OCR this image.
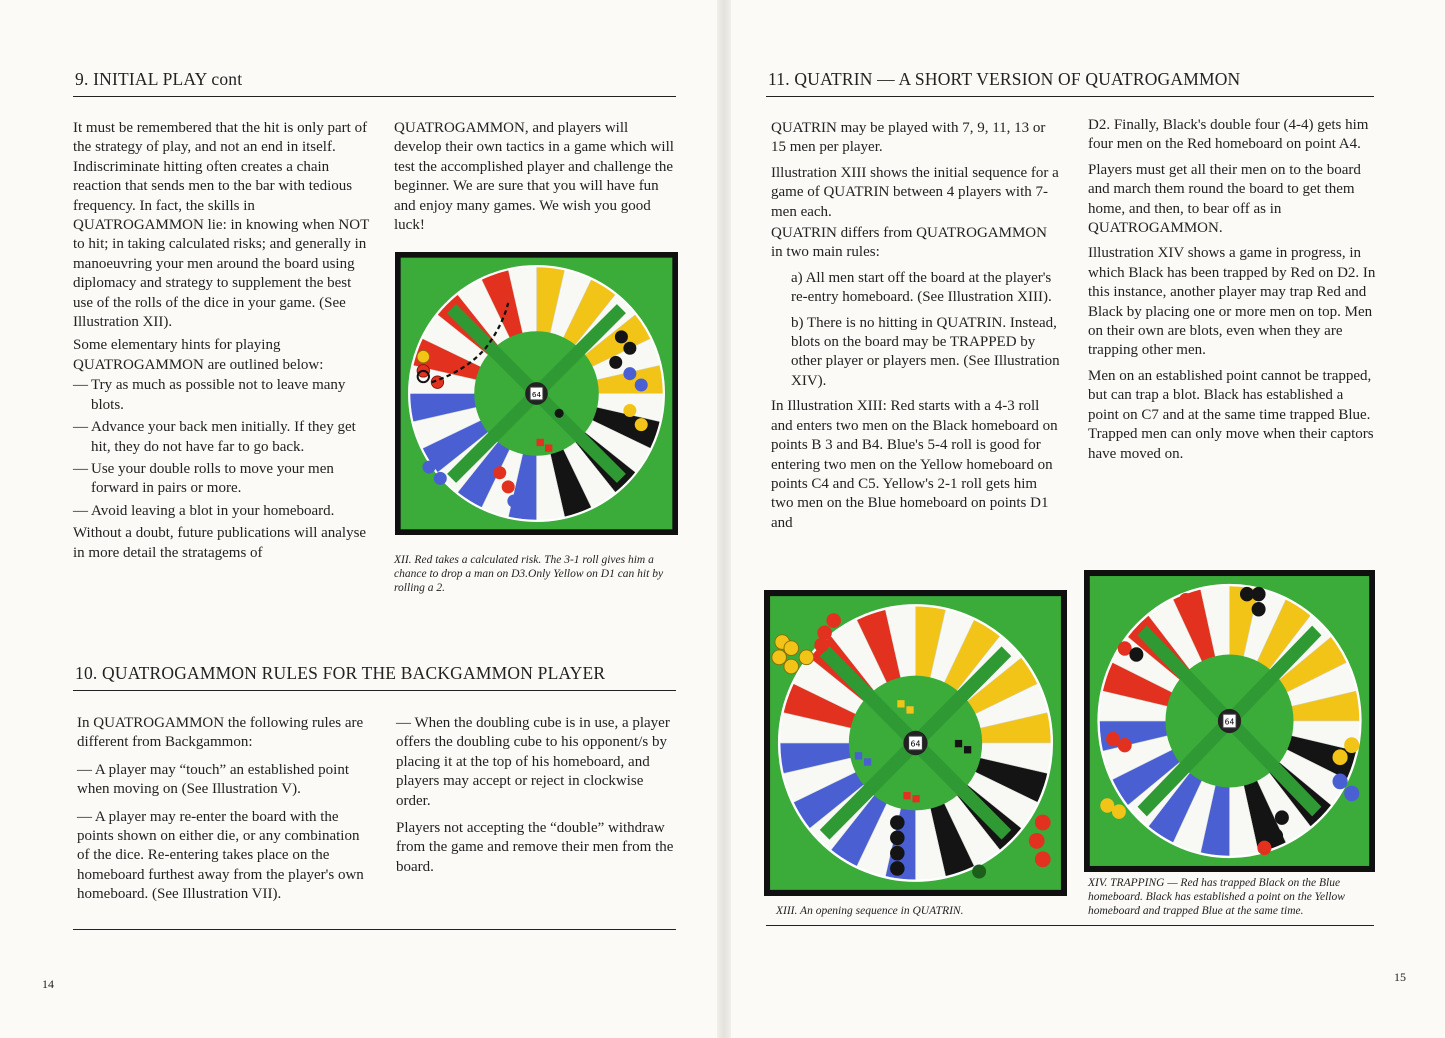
9. INITIAL PLAY cont

It must be remembered that the hit is only part of the strategy of play, and not an end in itself. Indiscriminate hitting often creates a chain reaction that sends men to the bar with tedious frequency. In fact, the skills in QUATROGAMMON lie: in knowing when NOT to hit; in taking calculated risks; and generally in manoeuvring your men around the board using diplomacy and strategy to supplement the best use of the rolls of the dice in your game. (See Illustration XII).

Some elementary hints for playing QUATROGAMMON are outlined below:

— Try as much as possible not to leave many blots.
— Advance your back men initially. If they get hit, they do not have far to go back.
— Use your double rolls to move your men forward in pairs or more.
— Avoid leaving a blot in your homeboard.

Without a doubt, future publications will analyse in more detail the stratagems of

QUATROGAMMON, and players will develop their own tactics in a game which will test the accomplished player and challenge the beginner. We are sure that you will have fun and enjoy many games. We wish you good luck!
64
XII. Red takes a calculated risk. The 3-1 roll gives him a chance to drop a man on D3.Only Yellow on D1 can hit by rolling a 2.
10. QUATROGAMMON RULES FOR THE BACKGAMMON PLAYER

In QUATROGAMMON the following rules are different from Backgammon:

— A player may “touch” an established point when moving on (See Illustration V).

— A player may re-enter the board with the points shown on either die, or any combination of the dice. Re-entering takes place on the homeboard furthest away from the player's own homeboard. (See Illustration VII).

— When the doubling cube is in use, a player offers the doubling cube to his opponent/s by placing it at the top of his homeboard, and players may accept or reject in clockwise order.

Players not accepting the “double” withdraw from the game and remove their men from the board.

14
11. QUATRIN — A SHORT VERSION OF QUATROGAMMON

QUATRIN may be played with 7, 9, 11, 13 or 15 men per player.

Illustration XIII shows the initial sequence for a game of QUATRIN between 4 players with 7-men each.

QUATRIN differs from QUATROGAMMON in two main rules:

a) All men start off the board at the player's re-entry homeboard. (See Illustration XIII).

b) There is no hitting in QUATRIN. Instead, blots on the board may be TRAPPED by other player or players men. (See Illustration XIV).

In Illustration XIII: Red starts with a 4-3 roll and enters two men on the Black homeboard on points B 3 and B4. Blue's 5-4 roll is good for entering two men on the Yellow homeboard on points C4 and C5. Yellow's 2-1 roll gets him two men on the Blue homeboard on points D1 and

D2. Finally, Black's double four (4-4) gets him four men on the Red homeboard on point A4.

Players must get all their men on to the board and march them round the board to get them home, and then, to bear off as in QUATROGAMMON.

Illustration XIV shows a game in progress, in which Black has been trapped by Red on D2. In this instance, another player may trap Red and Black by placing one or more men on top. Men on their own are blots, even when they are trapping other men.

Men on an established point cannot be trapped, but can trap a blot. Black has established a point on C7 and at the same time trapped Blue. Trapped men can only move when their captors have moved on.

64
XIII. An opening sequence in QUATRIN.
64
XIV. TRAPPING — Red has trapped Black on the Blue homeboard. Black has established a point on the Yellow homeboard and trapped Blue at the same time.
15
